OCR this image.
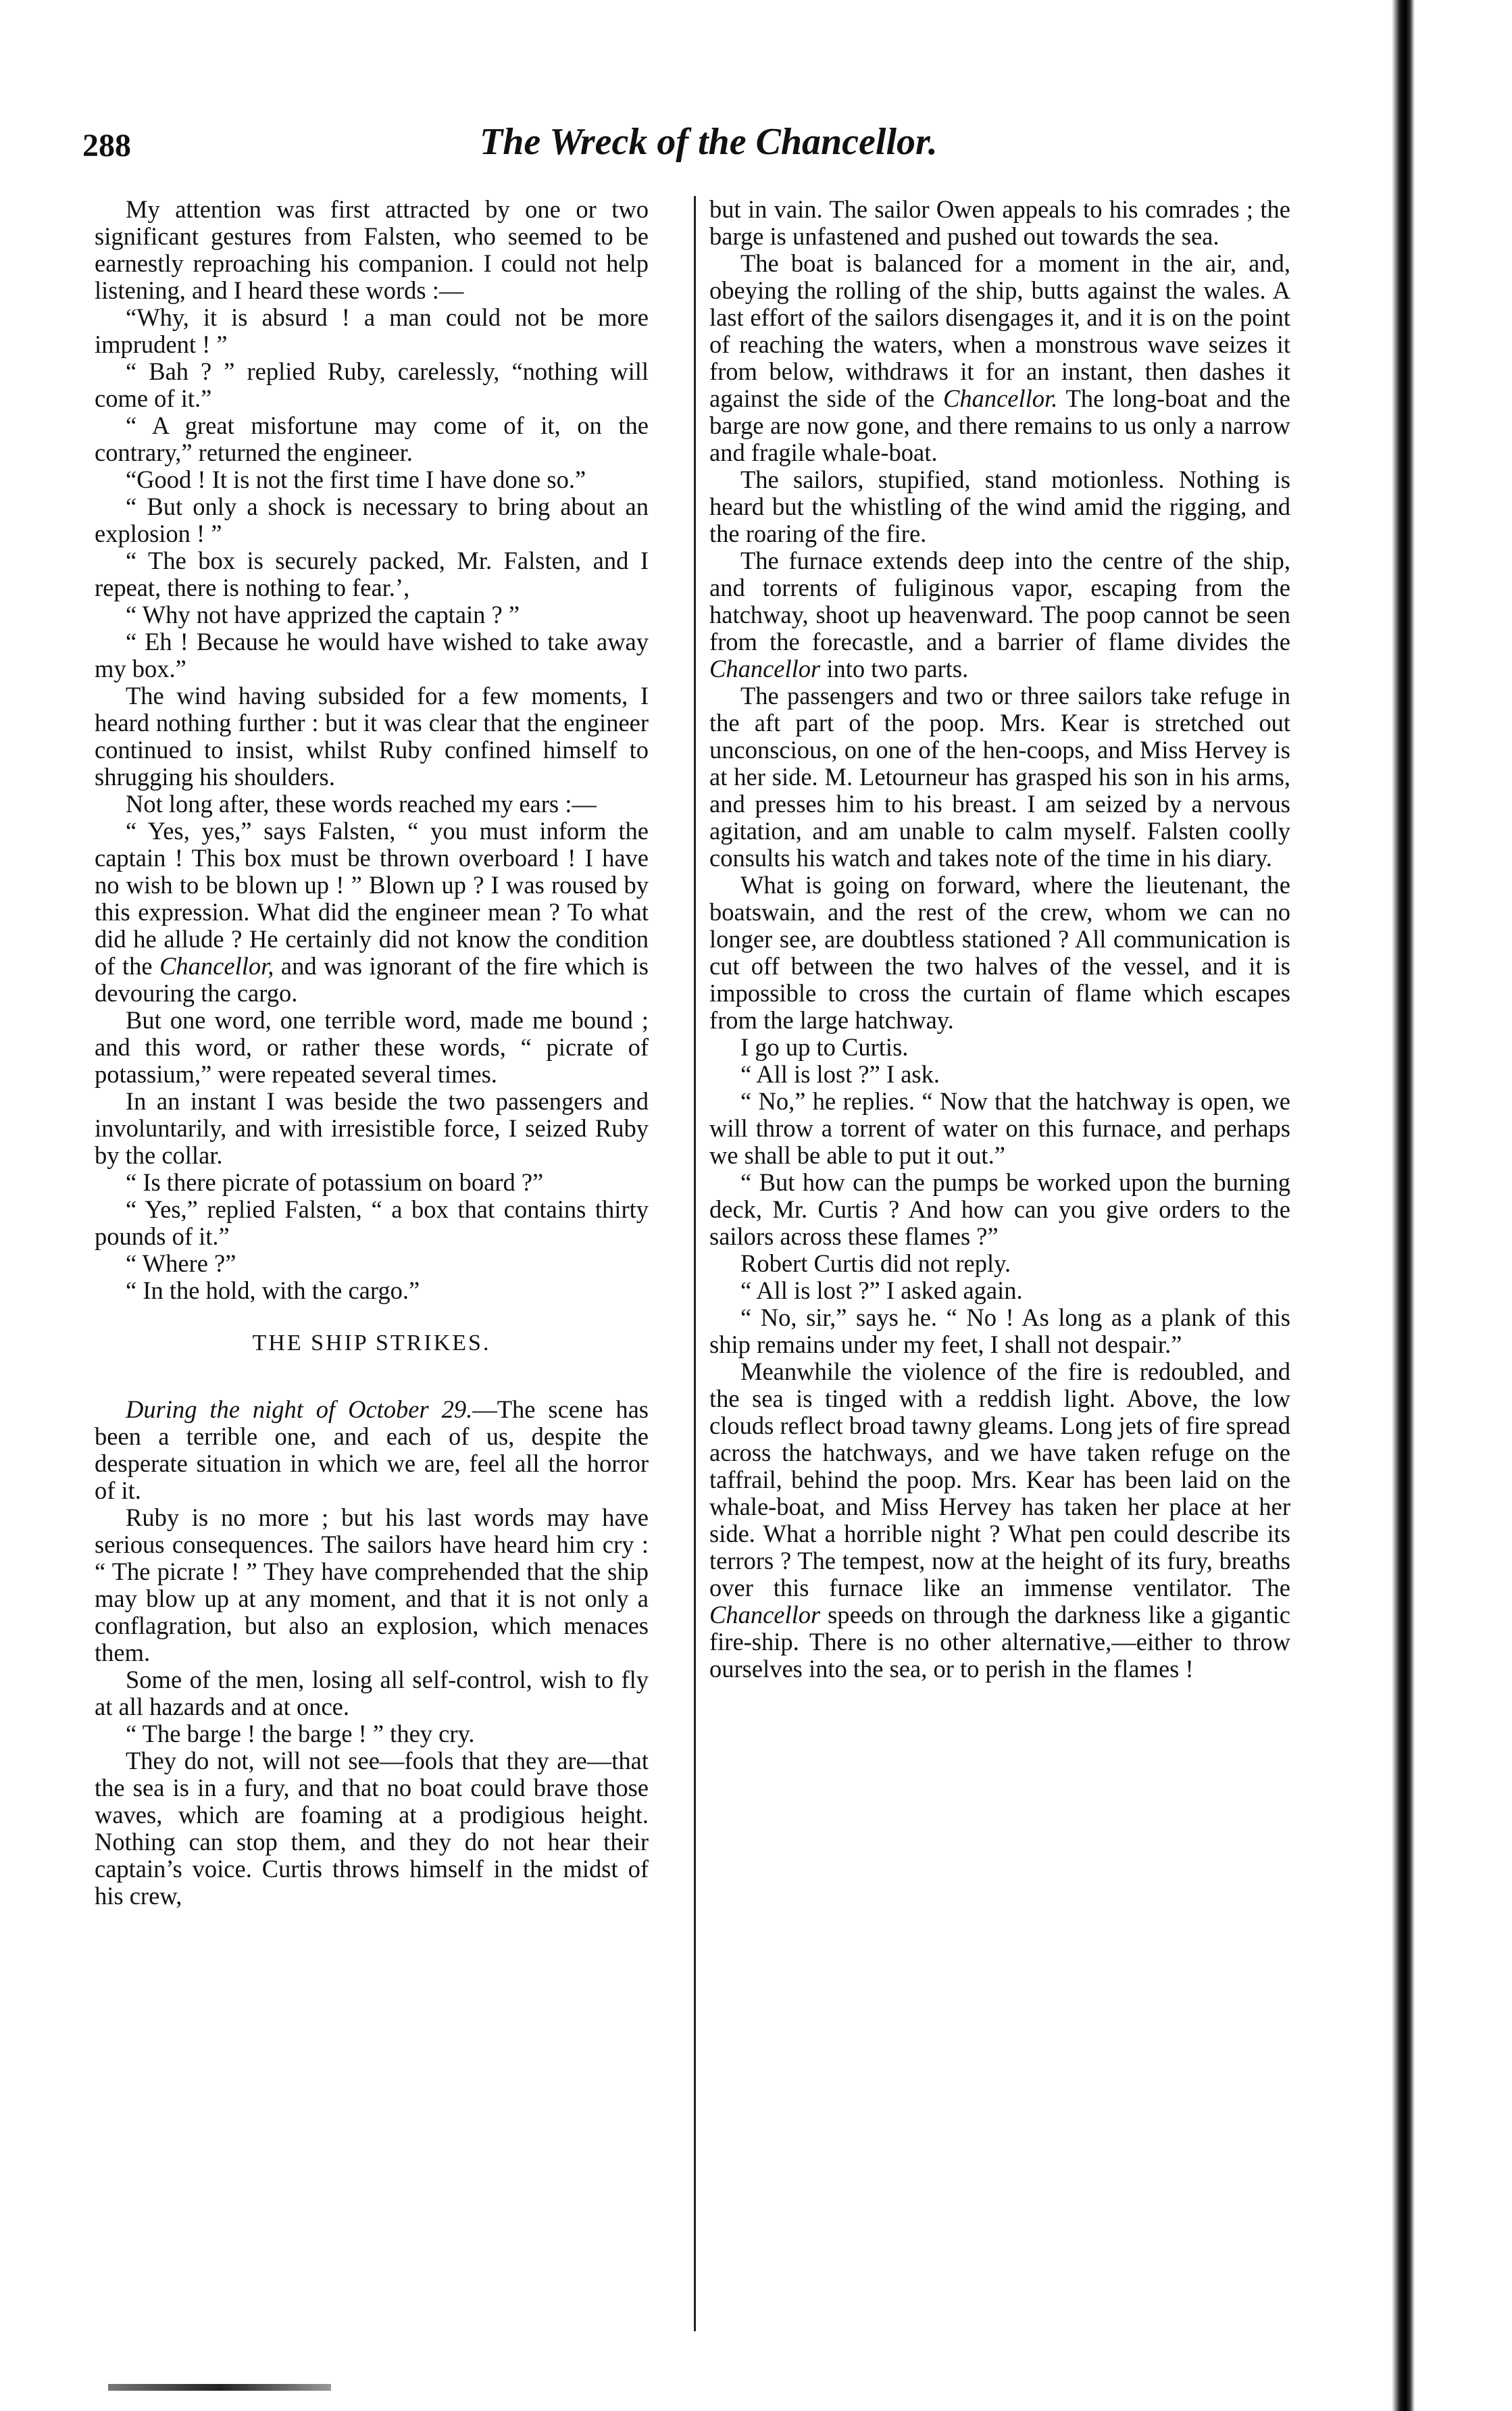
288	The Wreck of the Chancellor.

My attention was first attracted by one or two significant gestures from Falsten, who seemed to be earnestly reproaching his companion. I could not help listening, and I heard these words :—

“Why, it is absurd ! a man could not be more imprudent ! ”

“ Bah ? ” replied Ruby, carelessly, “nothing will come of it.”

“ A great misfortune may come of it, on the contrary,” returned the engineer.

“Good ! It is not the first time I have done so.”

“ But only a shock is necessary to bring about an explosion ! ”

“ The box is securely packed, Mr. Falsten, and I repeat, there is nothing to fear.’,

“ Why not have apprized the captain ? ”

“ Eh ! Because he would have wished to take away my box.”

The wind having subsided for a few moments, I heard nothing further : but it was clear that the engineer continued to insist, whilst Ruby confined himself to shrugging his shoulders.

Not long after, these words reached my ears :—

“ Yes, yes,” says Falsten, “ you must inform the captain ! This box must be thrown overboard ! I have no wish to be blown up ! ” Blown up ? I was roused by this expression. What did the engineer mean ? To what did he allude ? He certainly did not know the condition of the Chancellor, and was ignorant of the fire which is devouring the cargo.

But one word, one terrible word, made me bound ; and this word, or rather these words, “ picrate of potassium,” were repeated several times.

In an instant I was beside the two passengers and involuntarily, and with irresistible force, I seized Ruby by the collar.

“ Is there picrate of potassium on board ?”

“ Yes,” replied Falsten, “ a box that contains thirty pounds of it.”

“ Where ?”

“ In the hold, with the cargo.”

THE SHIP STRIKES.

During the night of October 29.—The scene has been a terrible one, and each of us, despite the desperate situation in which we are, feel all the horror of it.

Ruby is no more ; but his last words may have serious consequences. The sailors have heard him cry : “ The picrate ! ” They have comprehended that the ship may blow up at any moment, and that it is not only a conflagration, but also an explosion, which menaces them.

Some of the men, losing all self-control, wish to fly at all hazards and at once.

“ The barge ! the barge ! ” they cry.

They do not, will not see—fools that they are—that the sea is in a fury, and that no boat could brave those waves, which are foaming at a prodigious height. Nothing can stop them, and they do not hear their captain’s voice. Curtis throws himself in the midst of his crew,

but in vain. The sailor Owen appeals to his comrades ; the barge is unfastened and pushed out towards the sea.

The boat is balanced for a moment in the air, and, obeying the rolling of the ship, butts against the wales. A last effort of the sailors disengages it, and it is on the point of reaching the waters, when a monstrous wave seizes it from below, withdraws it for an instant, then dashes it against the side of the Chancellor. The long-boat and the barge are now gone, and there remains to us only a narrow and fragile whale-boat.

The sailors, stupified, stand motionless. Nothing is heard but the whistling of the wind amid the rigging, and the roaring of the fire.

The furnace extends deep into the centre of the ship, and torrents of fuliginous vapor, escaping from the hatchway, shoot up heavenward. The poop cannot be seen from the forecastle, and a barrier of flame divides the Chancellor into two parts.

The passengers and two or three sailors take refuge in the aft part of the poop. Mrs. Kear is stretched out unconscious, on one of the hen-coops, and Miss Hervey is at her side. M. Letourneur has grasped his son in his arms, and presses him to his breast. I am seized by a nervous agitation, and am unable to calm myself. Falsten coolly consults his watch and takes note of the time in his diary.

What is going on forward, where the lieutenant, the boatswain, and the rest of the crew, whom we can no longer see, are doubtless stationed ? All communication is cut off between the two halves of the vessel, and it is impossible to cross the curtain of flame which escapes from the large hatchway.

I go up to Curtis.

“ All is lost ?” I ask.

“ No,” he replies. “ Now that the hatchway is open, we will throw a torrent of water on this furnace, and perhaps we shall be able to put it out.”

“ But how can the pumps be worked upon the burning deck, Mr. Curtis ? And how can you give orders to the sailors across these flames ?”

Robert Curtis did not reply.

“ All is lost ?” I asked again.

“ No, sir,” says he. “ No ! As long as a plank of this ship remains under my feet, I shall not despair.”

Meanwhile the violence of the fire is redoubled, and the sea is tinged with a reddish light. Above, the low clouds reflect broad tawny gleams. Long jets of fire spread across the hatchways, and we have taken refuge on the taffrail, behind the poop. Mrs. Kear has been laid on the whale-boat, and Miss Hervey has taken her place at her side. What a horrible night ? What pen could describe its terrors ? The tempest, now at the height of its fury, breaths over this furnace like an immense ventilator. The Chancellor speeds on through the darkness like a gigantic fire-ship. There is no other alternative,—either to throw ourselves into the sea, or to perish in the flames !
